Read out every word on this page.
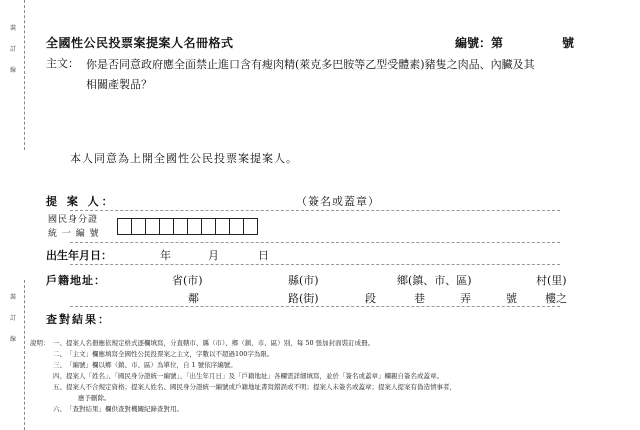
裝
訂
線
裝
訂
線
全國性公民投票案提案人名冊格式	編號：第	號
主文： 你是否同意政府應全面禁止進口含有瘦肉精(萊克多巴胺等乙型受體素)豬隻之肉品、內臟及其
相關產製品？
本人同意為上開全國性公民投票案提案人。
提 案 人：	（簽名或蓋章）
國民身分證
統 一 編 號
出生年月日：	年	月	日
戶籍地址：	省(市)	縣(市)	鄉(鎮、市、區)	村(里)
鄰	路(街)	段	巷	弄	號	樓之
查對結果：
說明： 一、 提案人名冊應依規定格式逐欄填寫，分直轄市、縣（市）、鄉（鎮、市、區）別，每 50 張加封面裝訂成冊。
二、 「主文」欄應填寫全國性公民投票案之主文，字數以不超過100字為限。
三、 「編號」欄以鄉（鎮、市、區）為單位，自 1 號依序編號。
四、 提案人「姓名」、「國民身分證統一編號」、「出生年月日」及「戶籍地址」各欄需詳細填寫，並於「簽名或蓋章」欄親自簽名或蓋章。
五、 提案人不合規定資格；提案人姓名、國民身分證統一編號或戶籍地址書寫錯誤或不明；提案人未簽名或蓋章；提案人提案有偽造情事者，
應予刪除。
六、 「查對結果」欄供查對機關紀錄查對用。
